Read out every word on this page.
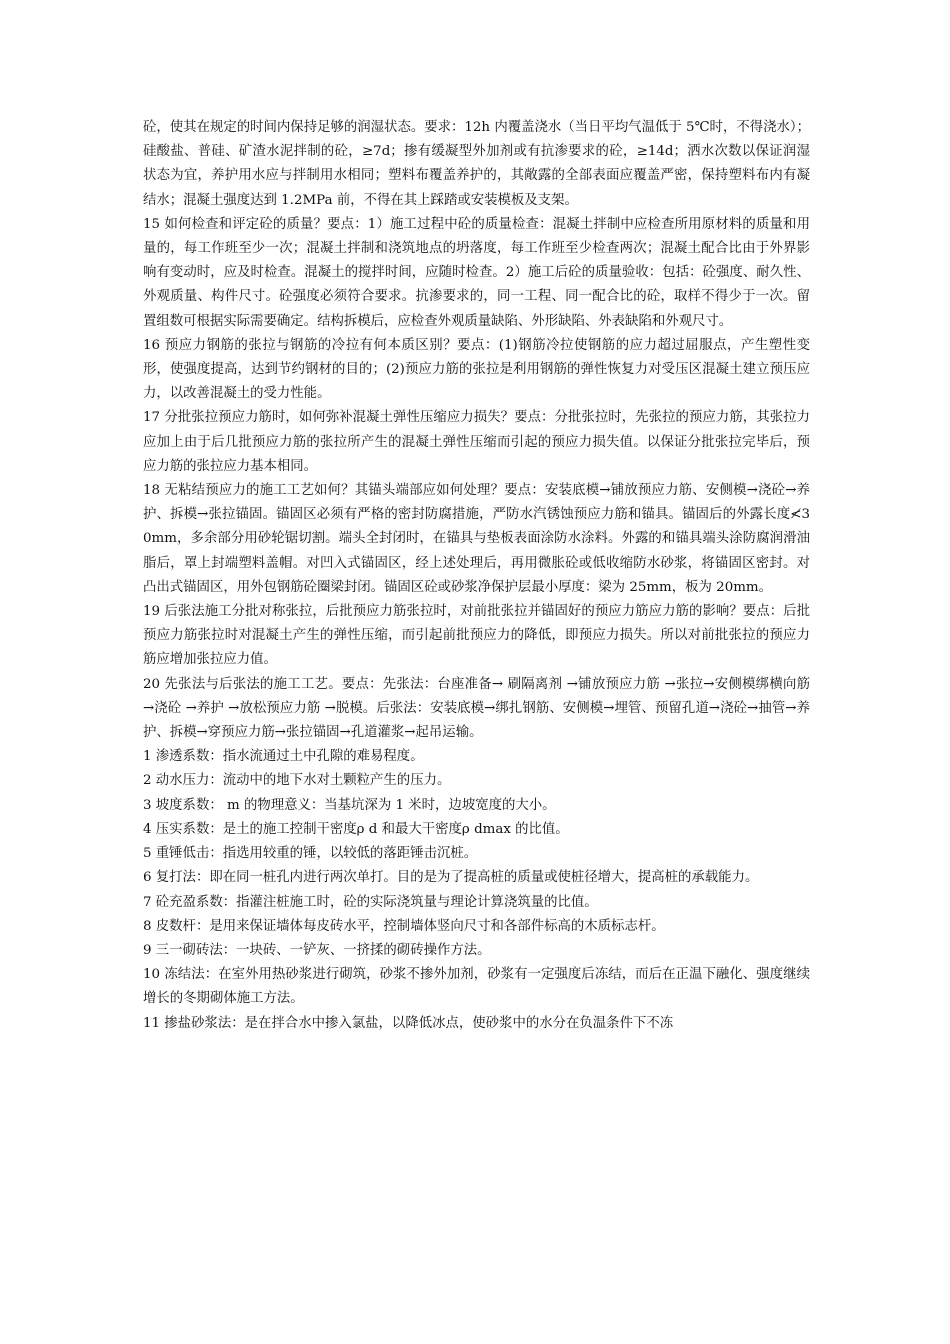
砼，使其在规定的时间内保持足够的润湿状态。要求：12h 内覆盖浇水（当日平均气温低于 5℃时，不得浇水）；硅酸盐、普硅、矿渣水泥拌制的砼，≥7d；掺有缓凝型外加剂或有抗渗要求的砼，≥14d；洒水次数以保证润湿状态为宜，养护用水应与拌制用水相同；塑料布覆盖养护的，其敞露的全部表面应覆盖严密，保持塑料布内有凝结水；混凝土强度达到 1.2MPa 前，不得在其上踩踏或安装模板及支架。

15 如何检查和评定砼的质量？要点：1）施工过程中砼的质量检查：混凝土拌制中应检查所用原材料的质量和用量的，每工作班至少一次；混凝土拌制和浇筑地点的坍落度，每工作班至少检查两次；混凝土配合比由于外界影响有变动时，应及时检查。混凝土的搅拌时间，应随时检查。2）施工后砼的质量验收：包括：砼强度、耐久性、外观质量、构件尺寸。砼强度必须符合要求。抗渗要求的，同一工程、同一配合比的砼，取样不得少于一次。留置组数可根据实际需要确定。结构拆模后，应检查外观质量缺陷、外形缺陷、外表缺陷和外观尺寸。

16 预应力钢筋的张拉与钢筋的冷拉有何本质区别？要点：(1)钢筋冷拉使钢筋的应力超过屈服点，产生塑性变形，使强度提高，达到节约钢材的目的；(2)预应力筋的张拉是利用钢筋的弹性恢复力对受压区混凝土建立预压应力，以改善混凝土的受力性能。

17 分批张拉预应力筋时，如何弥补混凝土弹性压缩应力损失？要点：分批张拉时，先张拉的预应力筋，其张拉力应加上由于后几批预应力筋的张拉所产生的混凝土弹性压缩而引起的预应力损失值。以保证分批张拉完毕后，预应力筋的张拉应力基本相同。

18 无粘结预应力的施工工艺如何？其锚头端部应如何处理？要点：安装底模→铺放预应力筋、安侧模→浇砼→养护、拆模→张拉锚固。锚固区必须有严格的密封防腐措施，严防水汽锈蚀预应力筋和锚具。锚固后的外露长度≮30mm，多余部分用砂轮锯切割。端头全封闭时，在锚具与垫板表面涂防水涂料。外露的和锚具端头涂防腐润滑油脂后，罩上封端塑料盖帽。对凹入式锚固区，经上述处理后，再用微胀砼或低收缩防水砂浆，将锚固区密封。对凸出式锚固区，用外包钢筋砼圈梁封闭。锚固区砼或砂浆净保护层最小厚度：梁为 25mm，板为 20mm。

19 后张法施工分批对称张拉，后批预应力筋张拉时，对前批张拉并锚固好的预应力筋应力筋的影响？要点：后批预应力筋张拉时对混凝土产生的弹性压缩，而引起前批预应力的降低，即预应力损失。所以对前批张拉的预应力筋应增加张拉应力值。

20 先张法与后张法的施工工艺。要点：先张法：台座准备→ 刷隔离剂 →铺放预应力筋 →张拉→安侧模绑横向筋 →浇砼 →养护 →放松预应力筋 →脱模。后张法：安装底模→绑扎钢筋、安侧模→埋管、预留孔道→浇砼→抽管→养护、拆模→穿预应力筋→张拉锚固→孔道灌浆→起吊运输。

1 渗透系数：指水流通过土中孔隙的难易程度。

2 动水压力：流动中的地下水对土颗粒产生的压力。

3 坡度系数： m 的物理意义：当基坑深为 1 米时，边坡宽度的大小。

4 压实系数：是土的施工控制干密度ρ d 和最大干密度ρ dmax 的比值。

5 重锤低击：指选用较重的锤，以较低的落距锤击沉桩。

6 复打法：即在同一桩孔内进行两次单打。目的是为了提高桩的质量或使桩径增大，提高桩的承载能力。

7 砼充盈系数：指灌注桩施工时，砼的实际浇筑量与理论计算浇筑量的比值。

8 皮数杆：是用来保证墙体每皮砖水平，控制墙体竖向尺寸和各部件标高的木质标志杆。

9 三一砌砖法：一块砖、一铲灰、一挤揉的砌砖操作方法。

10 冻结法：在室外用热砂浆进行砌筑，砂浆不掺外加剂，砂浆有一定强度后冻结，而后在正温下融化、强度继续增长的冬期砌体施工方法。

11 掺盐砂浆法：是在拌合水中掺入氯盐，以降低冰点，使砂浆中的水分在负温条件下不冻
